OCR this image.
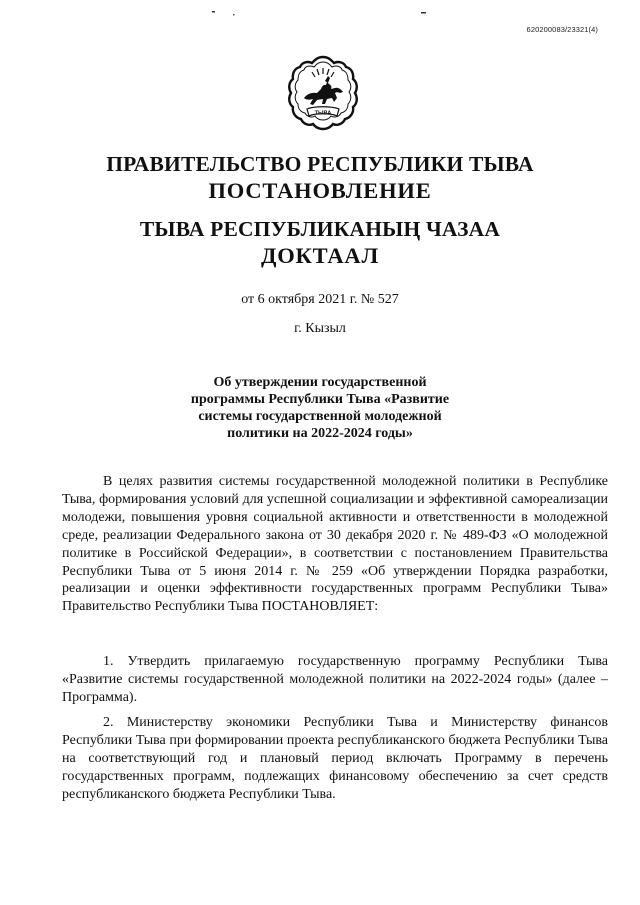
620200083/23321(4)
ТЫВА
ПРАВИТЕЛЬСТВО РЕСПУБЛИКИ ТЫВА
ПОСТАНОВЛЕНИЕ
ТЫВА РЕСПУБЛИКАНЫҢ ЧАЗАА
ДОКТААЛ

от 6 октября 2021 г. № 527

г. Кызыл

Об утверждении государственной
программы Республики Тыва «Развитие
системы государственной молодежной
политики на 2022-2024 годы»

В целях развития системы государственной молодежной политики в Республике Тыва, формирования условий для успешной социализации и эффективной самореализации молодежи, повышения уровня социальной активности и ответственности в молодежной среде, реализации Федерального закона от 30 декабря 2020 г. № 489-ФЗ «О молодежной политике в Российской Федерации», в соответствии с постановлением Правительства Республики Тыва от 5 июня 2014 г. № 259 «Об утверждении Порядка разработки, реализации и оценки эффективности государственных программ Республики Тыва» Правительство Республики Тыва ПОСТАНОВЛЯЕТ:

1. Утвердить прилагаемую государственную программу Республики Тыва «Развитие системы государственной молодежной политики на 2022-2024 годы» (далее – Программа).

2. Министерству экономики Республики Тыва и Министерству финансов Республики Тыва при формировании проекта республиканского бюджета Республики Тыва на соответствующий год и плановый период включать Программу в перечень государственных программ, подлежащих финансовому обеспечению за счет средств республиканского бюджета Республики Тыва.
